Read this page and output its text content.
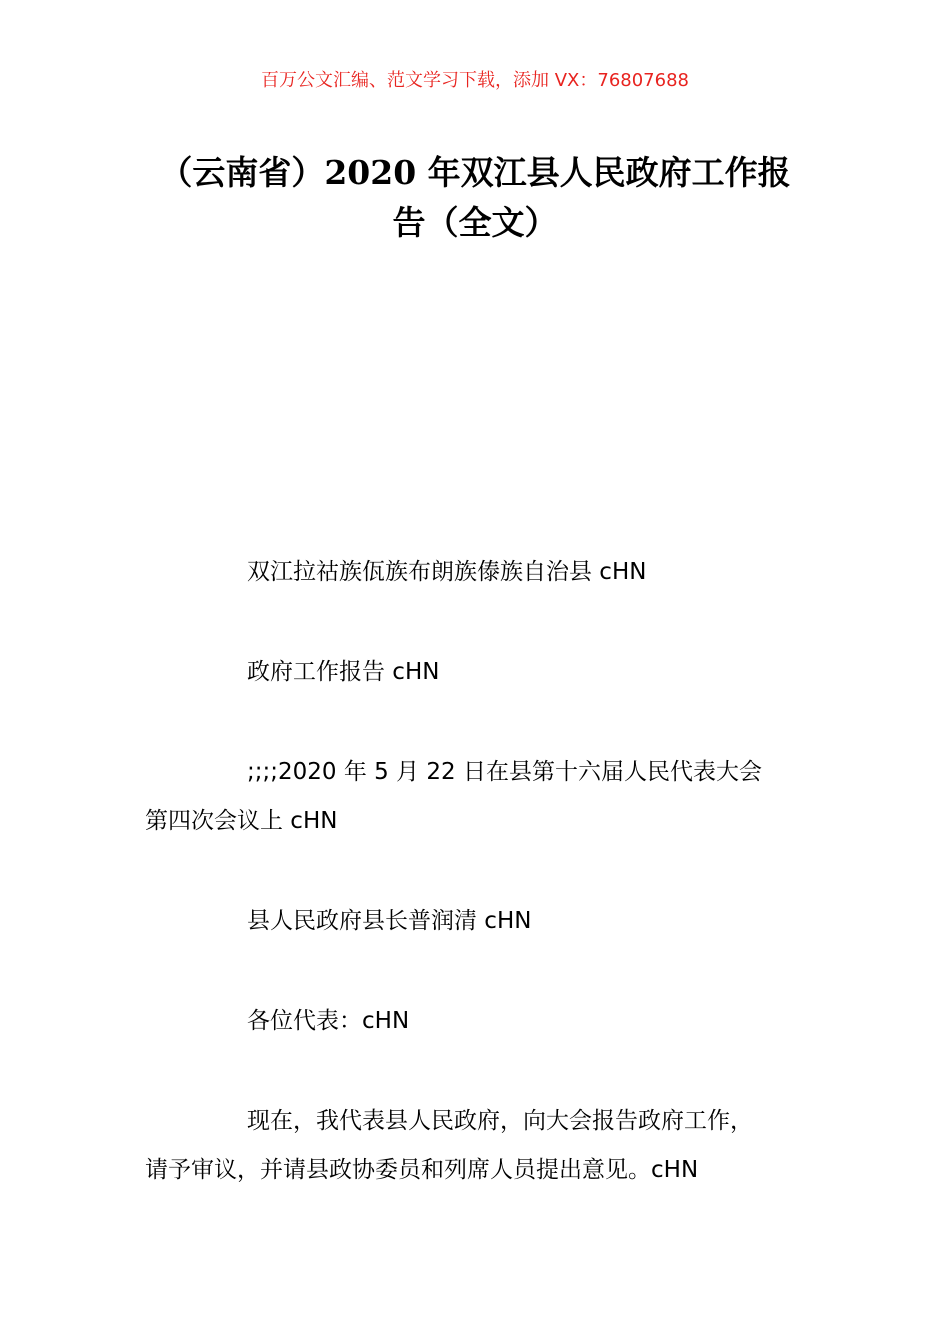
百万公文汇编、范文学习下载，添加 VX：76807688
（云南省）2020 年双江县人民政府工作报
告（全文）

双江拉祜族佤族布朗族傣族自治县 cHN

政府工作报告 cHN

;;;;2020 年 5 月 22 日在县第十六届人民代表大会

第四次会议上 cHN

县人民政府县长普润清 cHN

各位代表：cHN

现在，我代表县人民政府，向大会报告政府工作，

请予审议，并请县政协委员和列席人员提出意见。cHN
